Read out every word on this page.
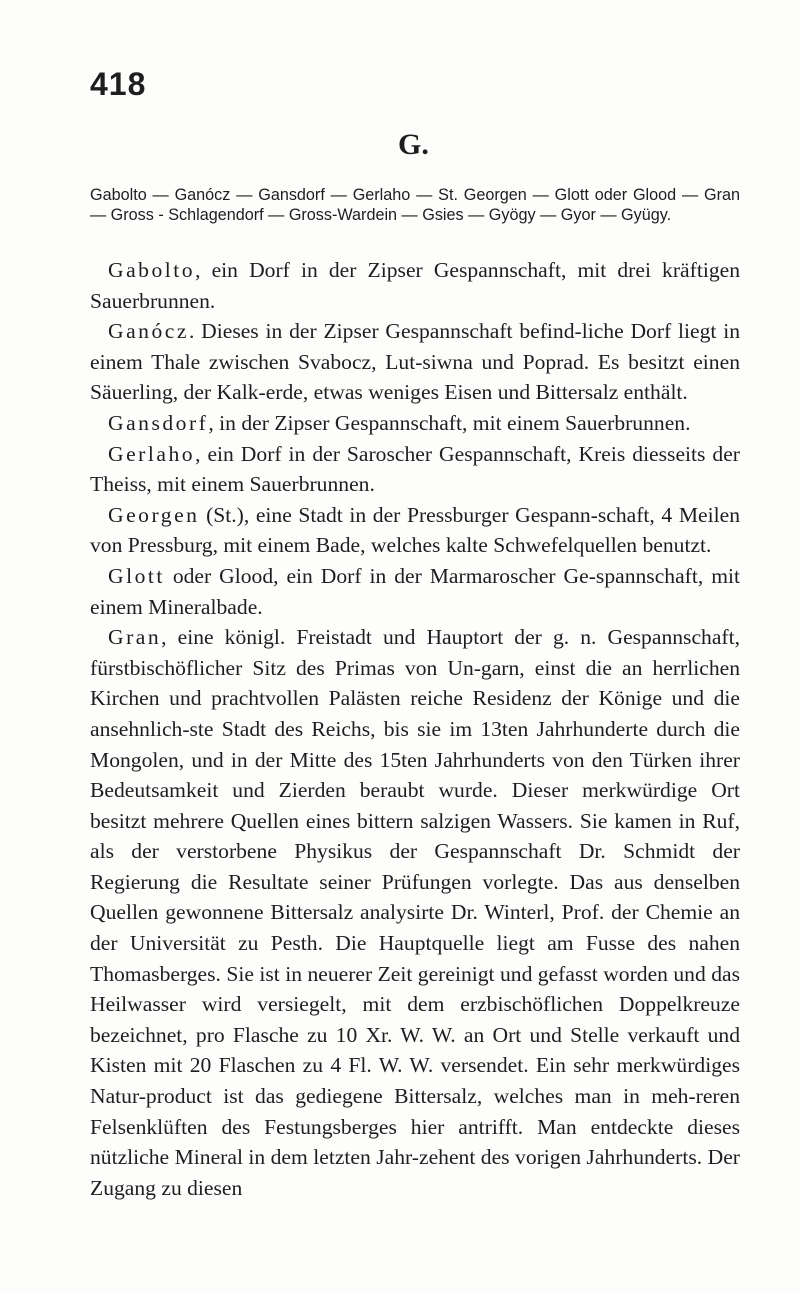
418
G.
Gabolto — Ganócz — Gansdorf — Gerlaho — St. Georgen — Glott oder Glood — Gran — Gross - Schlagendorf — Gross-Wardein — Gsies — Gyögy — Gyor — Gyügy.

Gabolto, ein Dorf in der Zipser Gespannschaft, mit drei kräftigen Sauerbrunnen.

Ganócz. Dieses in der Zipser Gespannschaft befind-liche Dorf liegt in einem Thale zwischen Svabocz, Lut-siwna und Poprad. Es besitzt einen Säuerling, der Kalk-erde, etwas weniges Eisen und Bittersalz enthält.

Gansdorf, in der Zipser Gespannschaft, mit einem Sauerbrunnen.

Gerlaho, ein Dorf in der Saroscher Gespannschaft, Kreis diesseits der Theiss, mit einem Sauerbrunnen.

Georgen (St.), eine Stadt in der Pressburger Gespann-schaft, 4 Meilen von Pressburg, mit einem Bade, welches kalte Schwefelquellen benutzt.

Glott oder Glood, ein Dorf in der Marmaroscher Ge-spannschaft, mit einem Mineralbade.

Gran, eine königl. Freistadt und Hauptort der g. n. Gespannschaft, fürstbischöflicher Sitz des Primas von Un-garn, einst die an herrlichen Kirchen und prachtvollen Palästen reiche Residenz der Könige und die ansehnlich-ste Stadt des Reichs, bis sie im 13ten Jahrhunderte durch die Mongolen, und in der Mitte des 15ten Jahrhunderts von den Türken ihrer Bedeutsamkeit und Zierden beraubt wurde. Dieser merkwürdige Ort besitzt mehrere Quellen eines bittern salzigen Wassers. Sie kamen in Ruf, als der verstorbene Physikus der Gespannschaft Dr. Schmidt der Regierung die Resultate seiner Prüfungen vorlegte. Das aus denselben Quellen gewonnene Bittersalz analysirte Dr. Winterl, Prof. der Chemie an der Universität zu Pesth. Die Hauptquelle liegt am Fusse des nahen Thomasberges. Sie ist in neuerer Zeit gereinigt und gefasst worden und das Heilwasser wird versiegelt, mit dem erzbischöflichen Doppelkreuze bezeichnet, pro Flasche zu 10 Xr. W. W. an Ort und Stelle verkauft und Kisten mit 20 Flaschen zu 4 Fl. W. W. versendet. Ein sehr merkwürdiges Natur-product ist das gediegene Bittersalz, welches man in meh-reren Felsenklüften des Festungsberges hier antrifft. Man entdeckte dieses nützliche Mineral in dem letzten Jahr-zehent des vorigen Jahrhunderts. Der Zugang zu diesen
